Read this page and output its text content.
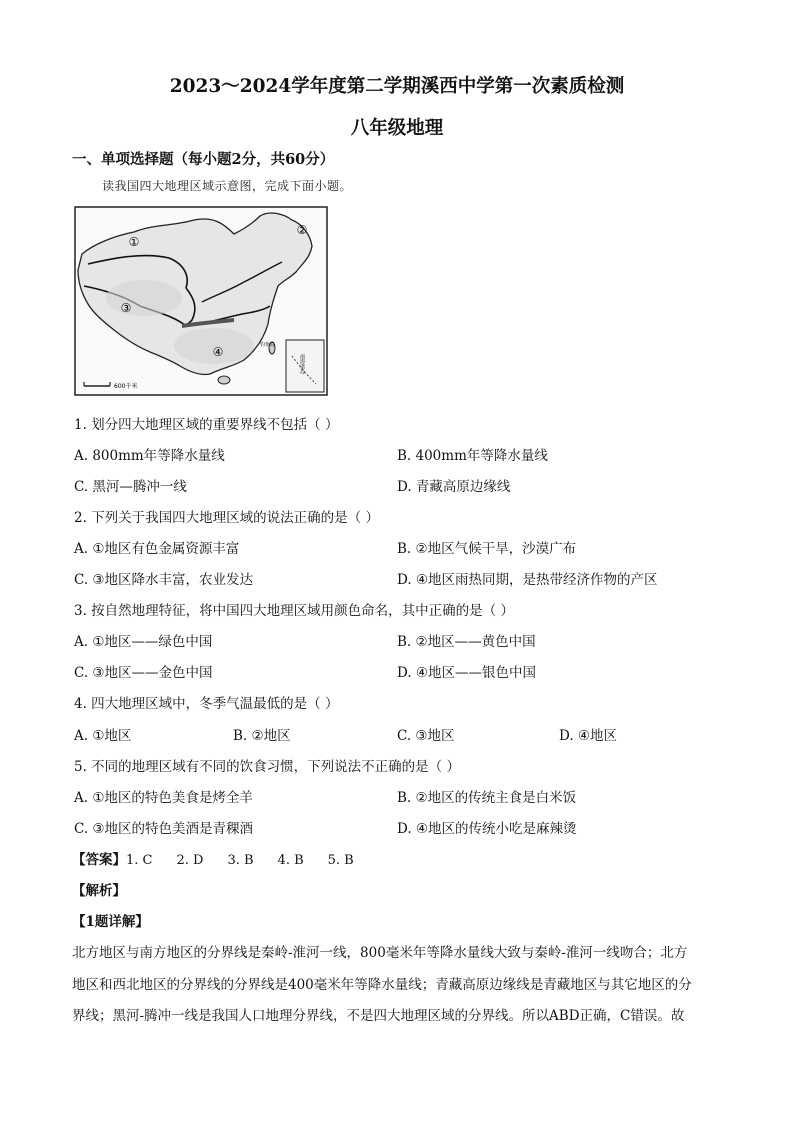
2023～2024学年度第二学期溪西中学第一次素质检测
八年级地理
一、单项选择题（每小题2分，共60分）
读我国四大地理区域示意图，完成下面小题。
①
②
③
④
600千米
南海诸岛
钓鱼岛
1. 划分四大地理区域的重要界线不包括（ ）
A. 800mm年等降水量线	B. 400mm年等降水量线
C. 黑河—腾冲一线	D. 青藏高原边缘线
2. 下列关于我国四大地理区域的说法正确的是（ ）
A. ①地区有色金属资源丰富	B. ②地区气候干旱，沙漠广布
C. ③地区降水丰富，农业发达	D. ④地区雨热同期，是热带经济作物的产区
3. 按自然地理特征，将中国四大地理区域用颜色命名，其中正确的是（ ）
A. ①地区——绿色中国	B. ②地区——黄色中国
C. ③地区——金色中国	D. ④地区——银色中国
4. 四大地理区域中，冬季气温最低的是（ ）
A. ①地区	B. ②地区	C. ③地区	D. ④地区
5. 不同的地理区域有不同的饮食习惯，下列说法不正确的是（ ）
A. ①地区的特色美食是烤全羊	B. ②地区的传统主食是白米饭
C. ③地区的特色美酒是青稞酒	D. ④地区的传统小吃是麻辣烫
【答案】1. C 2. D 3. B 4. B 5. B
【解析】
【1题详解】
北方地区与南方地区的分界线是秦岭-淮河一线，800毫米年等降水量线大致与秦岭-淮河一线吻合；北方
地区和西北地区的分界线的分界线是400毫米年等降水量线；青藏高原边缘线是青藏地区与其它地区的分
界线；黑河-腾冲一线是我国人口地理分界线，不是四大地理区域的分界线。所以ABD正确，C错误。故
